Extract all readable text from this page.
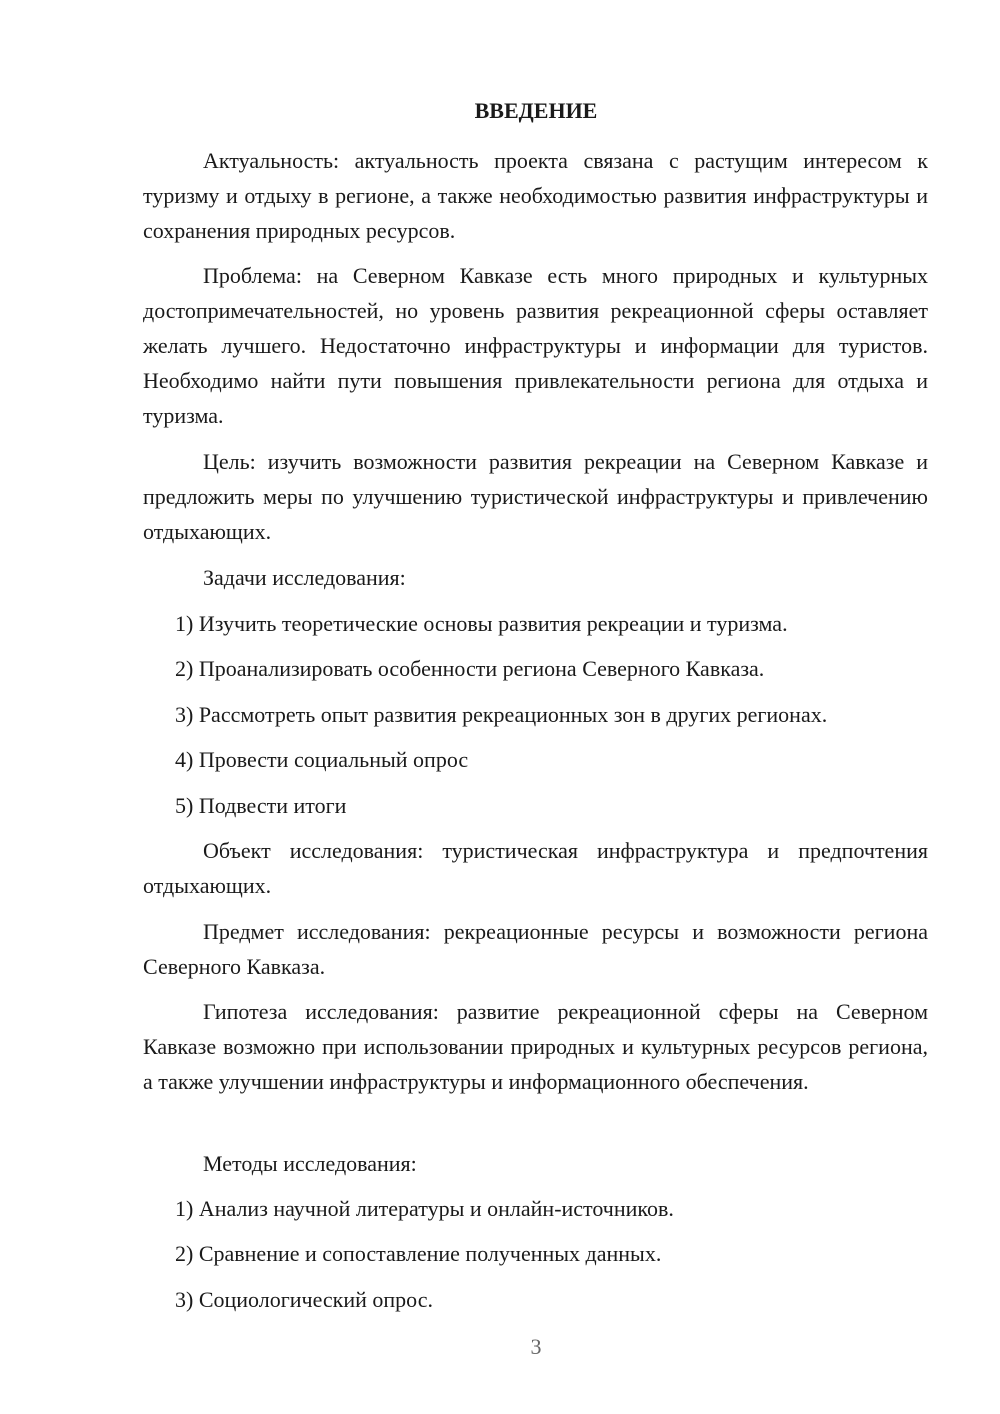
ВВЕДЕНИЕ

Актуальность: актуальность проекта связана с растущим интересом к туризму и отдыху в регионе, а также необходимостью развития инфраструктуры и сохранения природных ресурсов.

Проблема: на Северном Кавказе есть много природных и культурных достопримечательностей, но уровень развития рекреационной сферы оставляет желать лучшего. Недостаточно инфраструктуры и информации для туристов. Необходимо найти пути повышения привлекательности региона для отдыха и туризма.

Цель: изучить возможности развития рекреации на Северном Кавказе и предложить меры по улучшению туристической инфраструктуры и привлечению отдыхающих.

Задачи исследования:

1) Изучить теоретические основы развития рекреации и туризма.

2) Проанализировать особенности региона Северного Кавказа.

3) Рассмотреть опыт развития рекреационных зон в других регионах.

4) Провести социальный опрос

5) Подвести итоги

Объект исследования: туристическая инфраструктура и предпочтения отдыхающих.

Предмет исследования: рекреационные ресурсы и возможности региона Северного Кавказа.

Гипотеза исследования: развитие рекреационной сферы на Северном Кавказе возможно при использовании природных и культурных ресурсов региона, а также улучшении инфраструктуры и информационного обеспечения.

Методы исследования:

1) Анализ научной литературы и онлайн-источников.

2) Сравнение и сопоставление полученных данных.

3) Социологический опрос.

3
